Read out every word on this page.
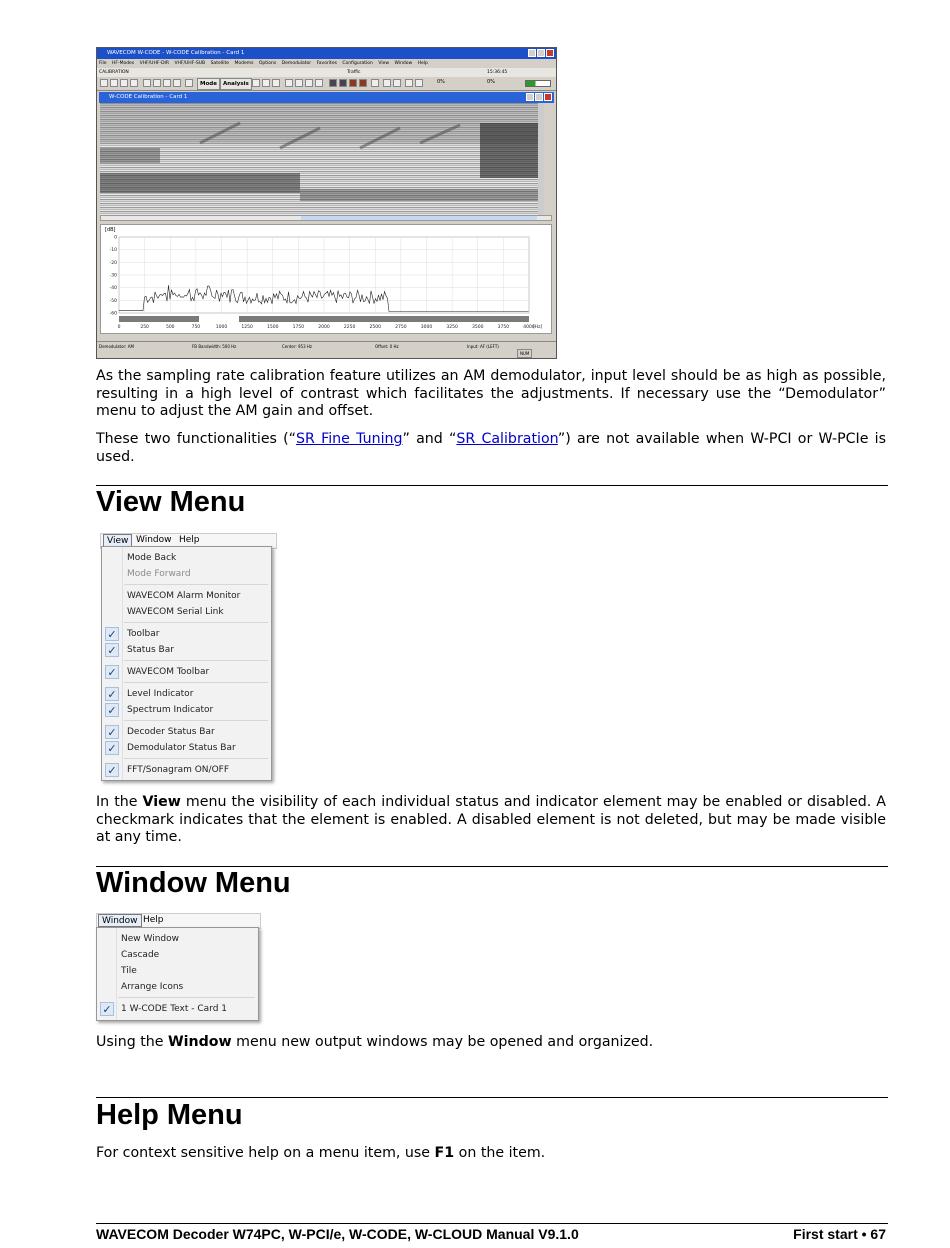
WAVECOM W-CODE - W-CODE Calibration - Card 1
File HF-Modes VHF/UHF-DIR VHF/UHF-SUB Satellite Modems Options Demodulator Favorites Configuration View Window Help
CALIBRATION	Traffic	15:36:45
Mode	Analysis	0%	0%
W-CODE Calibration - Card 1
[dB]
0
-10
-20
-30
-40
-50
-60
0	250	500	750	1000	1250	1500	1750	2000	2250	2500	2750	3000	3250	3500	3750	4000
[Hz]
Demodulator: AM	FB Bandwidth: 500 Hz	Center: 953 Hz	Offset: 0 Hz	Input: AF (LEFT)
NUM

As the sampling rate calibration feature utilizes an AM demodulator, input level should be as high as possible, resulting in a high level of contrast which facilitates the adjustments. If necessary use the “Demodulator” menu to adjust the AM gain and offset.

These two functionalities (“SR Fine Tuning” and “SR Calibration”) are not available when W-PCI or W-PCIe is used.

View Menu
View Window Help
Mode Back
Mode Forward
WAVECOM Alarm Monitor
WAVECOM Serial Link
✓ Toolbar
✓ Status Bar
✓ WAVECOM Toolbar
✓ Level Indicator
✓ Spectrum Indicator
✓ Decoder Status Bar
✓ Demodulator Status Bar
✓ FFT/Sonagram ON/OFF

In the View menu the visibility of each individual status and indicator element may be enabled or disabled. A checkmark indicates that the element is enabled. A disabled element is not deleted, but may be made visible at any time.

Window Menu
Window Help
New Window
Cascade
Tile
Arrange Icons
✓ 1 W-CODE Text - Card 1

Using the Window menu new output windows may be opened and organized.

Help Menu

For context sensitive help on a menu item, use F1 on the item.

WAVECOM Decoder W74PC, W-PCI/e, W-CODE, W-CLOUD Manual V9.1.0	First start • 67
